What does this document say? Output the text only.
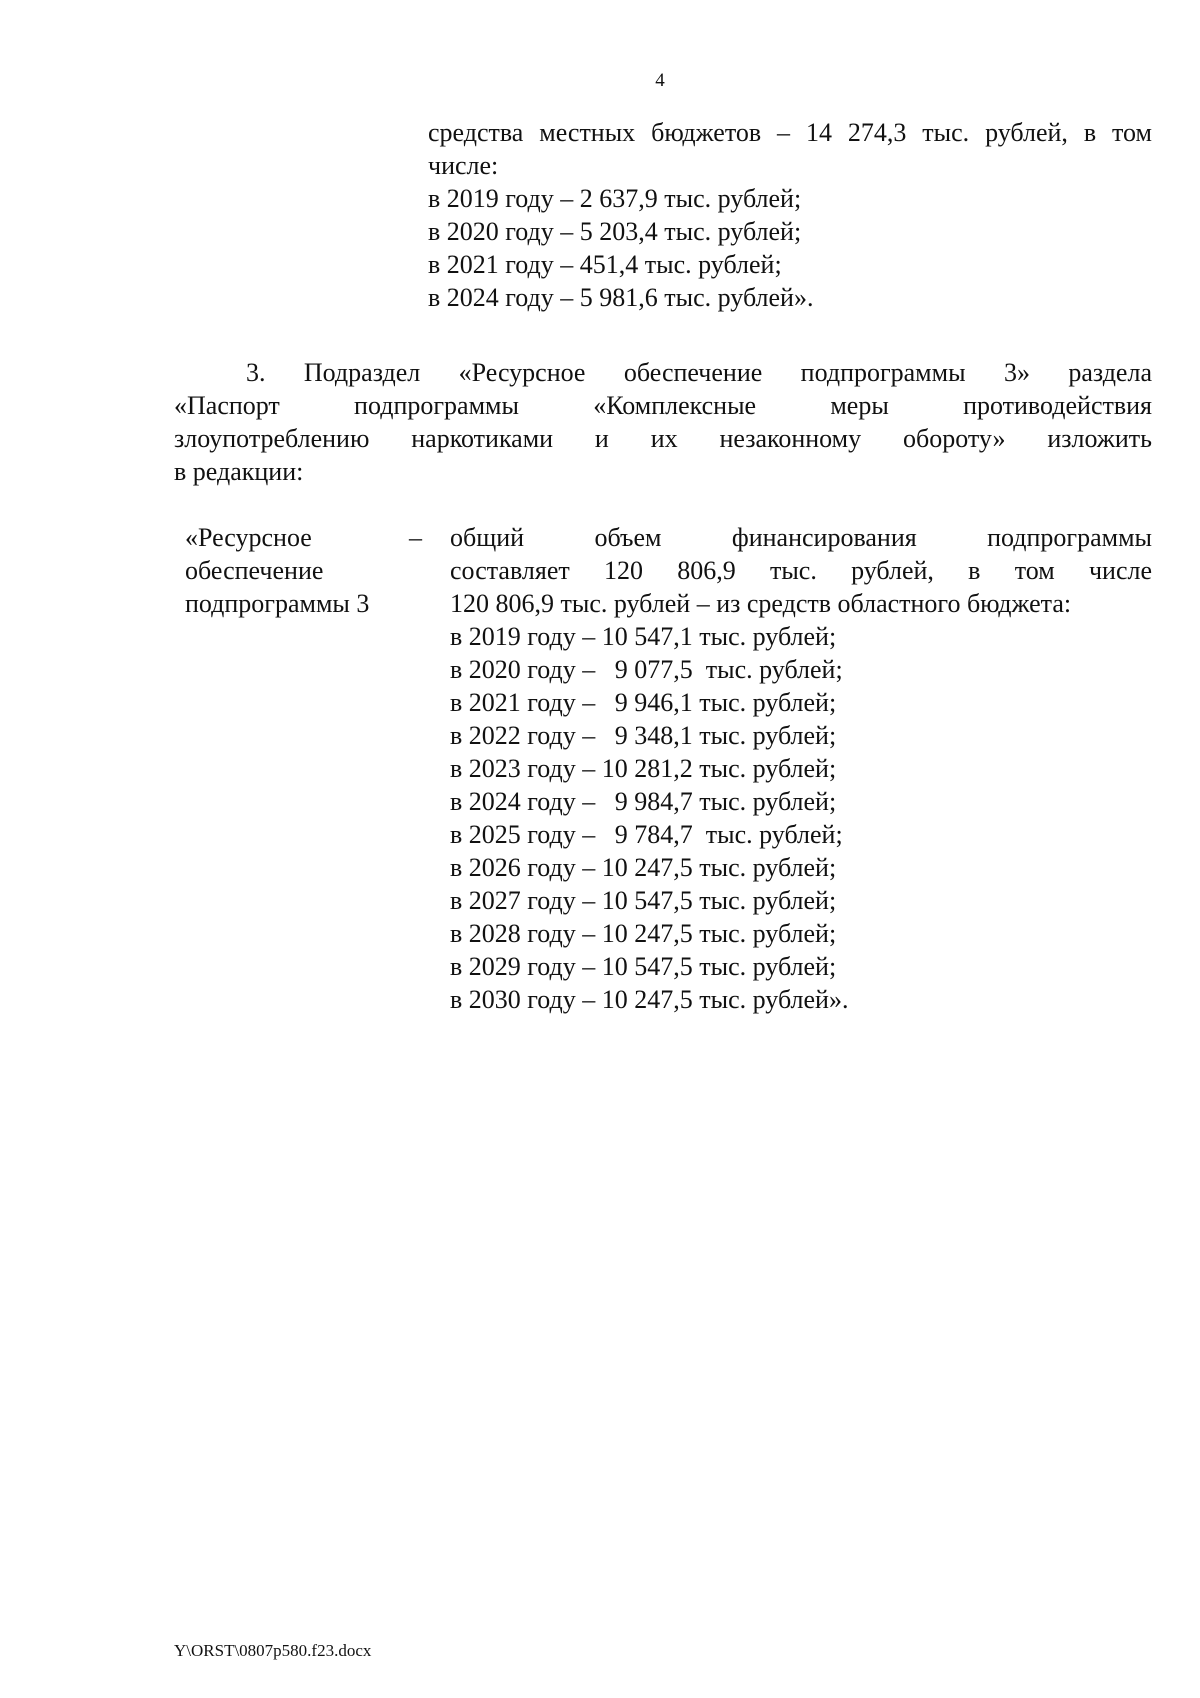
4
средства местных бюджетов – 14 274,3 тыс. рублей, в том
числе:
в 2019 году – 2 637,9 тыс. рублей;
в 2020 году – 5 203,4 тыс. рублей;
в 2021 году – 451,4 тыс. рублей;
в 2024 году – 5 981,6 тыс. рублей».
3. Подраздел «Ресурсное обеспечение подпрограммы 3» раздела
«Паспорт подпрограммы «Комплексные меры противодействия
злоупотреблению наркотиками и их незаконному обороту» изложить
в редакции:
«Ресурсное
обеспечение
подпрограммы 3
– общий объем финансирования подпрограммы
составляет 120 806,9 тыс. рублей, в том числе
120 806,9 тыс. рублей – из средств областного бюджета:
в 2019 году – 10 547,1 тыс. рублей;
в 2020 году –   9 077,5  тыс. рублей;
в 2021 году –   9 946,1 тыс. рублей;
в 2022 году –   9 348,1 тыс. рублей;
в 2023 году – 10 281,2 тыс. рублей;
в 2024 году –   9 984,7 тыс. рублей;
в 2025 году –   9 784,7  тыс. рублей;
в 2026 году – 10 247,5 тыс. рублей;
в 2027 году – 10 547,5 тыс. рублей;
в 2028 году – 10 247,5 тыс. рублей;
в 2029 году – 10 547,5 тыс. рублей;
в 2030 году – 10 247,5 тыс. рублей».
Y\ORST\0807p580.f23.docx
